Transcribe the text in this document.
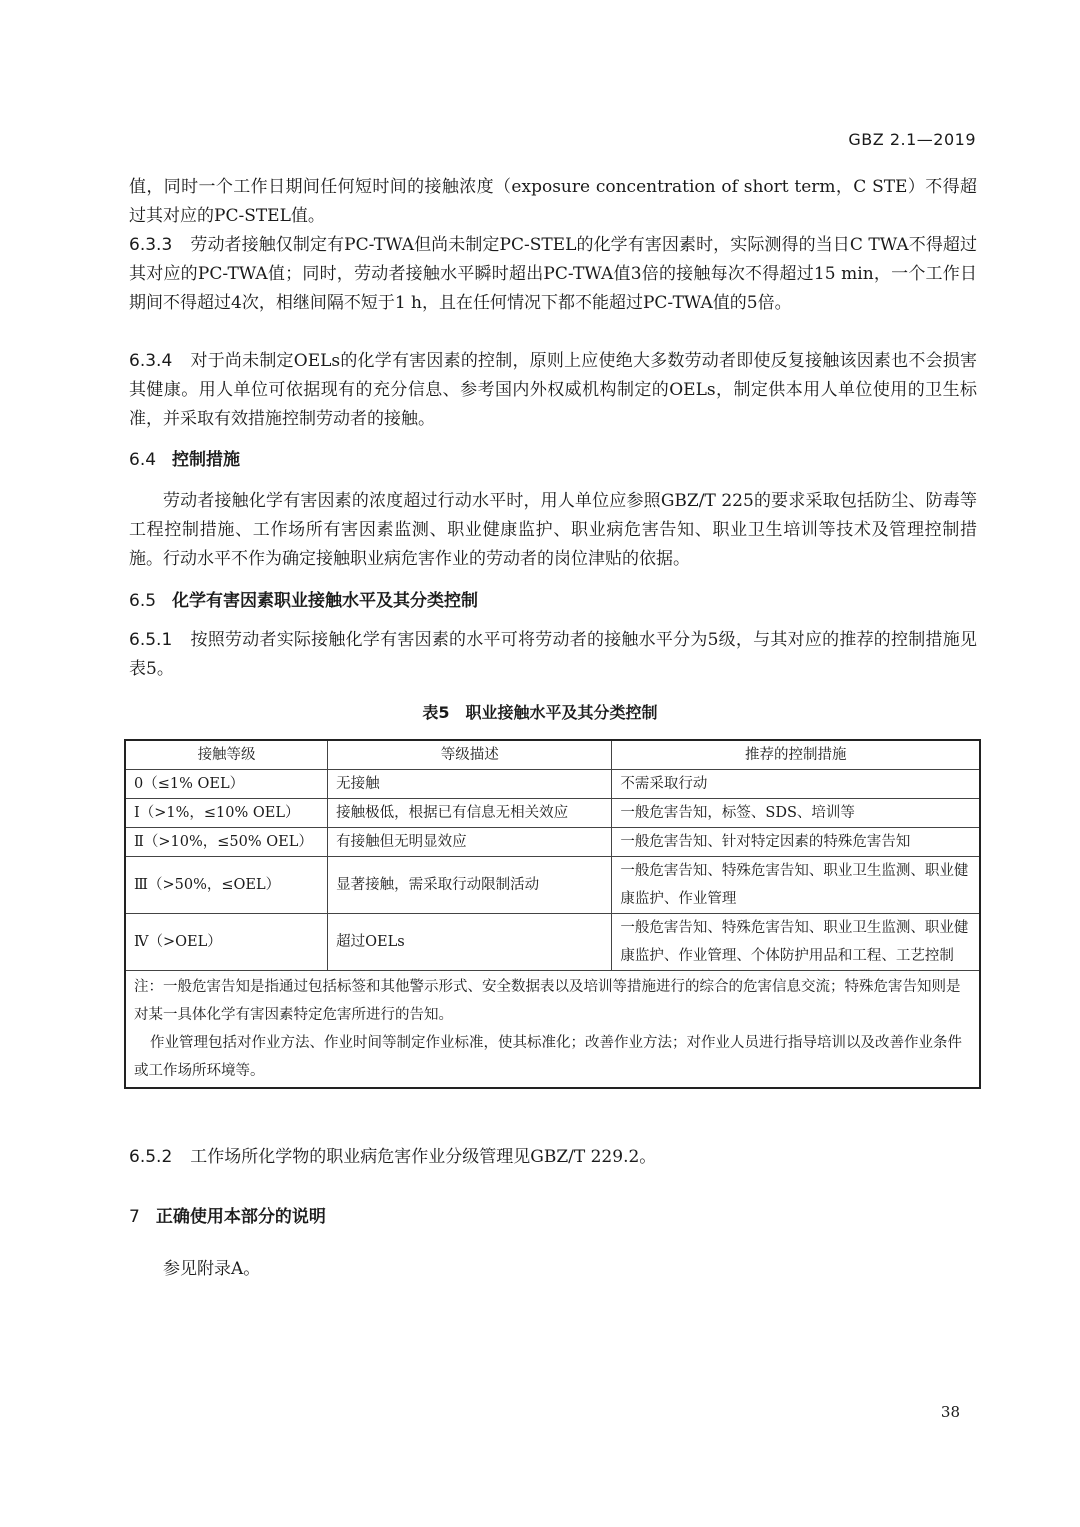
GBZ 2.1—2019

值，同时一个工作日期间任何短时间的接触浓度（exposure concentration of short term，C STE）不得超过其对应的PC-STEL值。

6.3.3 劳动者接触仅制定有PC-TWA但尚未制定PC-STEL的化学有害因素时，实际测得的当日C TWA不得超过其对应的PC-TWA值；同时，劳动者接触水平瞬时超出PC-TWA值3倍的接触每次不得超过15 min，一个工作日期间不得超过4次，相继间隔不短于1 h，且在任何情况下都不能超过PC-TWA值的5倍。

6.3.4 对于尚未制定OELs的化学有害因素的控制，原则上应使绝大多数劳动者即使反复接触该因素也不会损害其健康。用人单位可依据现有的充分信息、参考国内外权威机构制定的OELs，制定供本用人单位使用的卫生标准，并采取有效措施控制劳动者的接触。

6.4 控制措施

劳动者接触化学有害因素的浓度超过行动水平时，用人单位应参照GBZ/T 225的要求采取包括防尘、防毒等工程控制措施、工作场所有害因素监测、职业健康监护、职业病危害告知、职业卫生培训等技术及管理控制措施。行动水平不作为确定接触职业病危害作业的劳动者的岗位津贴的依据。

6.5 化学有害因素职业接触水平及其分类控制

6.5.1 按照劳动者实际接触化学有害因素的水平可将劳动者的接触水平分为5级，与其对应的推荐的控制措施见表5。

表5　职业接触水平及其分类控制
接触等级	等级描述	推荐的控制措施
0（≤1% OEL）	无接触	不需采取行动
Ⅰ（>1%，≤10% OEL）	接触极低，根据已有信息无相关效应	一般危害告知，标签、SDS、培训等
Ⅱ（>10%，≤50% OEL）	有接触但无明显效应	一般危害告知、针对特定因素的特殊危害告知
Ⅲ（>50%，≤OEL）	显著接触，需采取行动限制活动	一般危害告知、特殊危害告知、职业卫生监测、职业健康监护、作业管理
Ⅳ（>OEL）	超过OELs	一般危害告知、特殊危害告知、职业卫生监测、职业健康监护、作业管理、个体防护用品和工程、工艺控制

注：一般危害告知是指通过包括标签和其他警示形式、安全数据表以及培训等措施进行的综合的危害信息交流；特殊危害告知则是对某一具体化学有害因素特定危害所进行的告知。

作业管理包括对作业方法、作业时间等制定作业标准，使其标准化；改善作业方法；对作业人员进行指导培训以及改善作业条件或工作场所环境等。		

6.5.2 工作场所化学物的职业病危害作业分级管理见GBZ/T 229.2。

7 正确使用本部分的说明

参见附录A。

38
